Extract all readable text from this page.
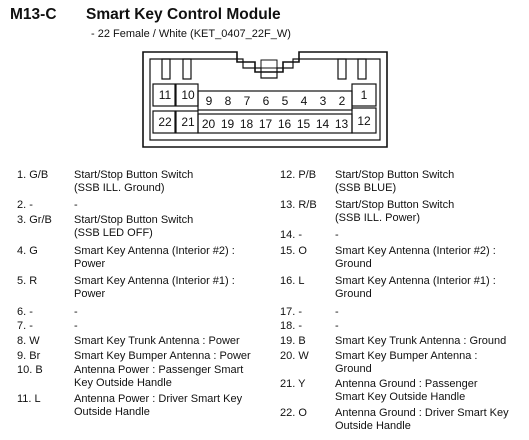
M13-C Smart Key Control Module
- 22 Female / White (KET_0407_22F_W)
11 10 9	8	7	6	5	4	3	2	1
22 21 20 19 18 17 16 15 14 13 12
1. G/B Start/Stop Button Switch
(SSB ILL. Ground)
2. -	-
3. Gr/B Start/Stop Button Switch
(SSB LED OFF)
4. G	Smart Key Antenna (Interior #2) :
Power
5. R	Smart Key Antenna (Interior #1) :
Power
6. -	-
7. -	-
8. W	Smart Key Trunk Antenna : Power
9. Br	Smart Key Bumper Antenna : Power
10. B	Antenna Power : Passenger Smart
Key Outside Handle
11. L	Antenna Power : Driver Smart Key
Outside Handle
12. P/B Start/Stop Button Switch
(SSB BLUE)
13. R/B Start/Stop Button Switch
(SSB ILL. Power)
14. -	-
15. O	Smart Key Antenna (Interior #2) :
Ground
16. L	Smart Key Antenna (Interior #1) :
Ground
17. -	-
18. -	-
19. B	Smart Key Trunk Antenna : Ground
20. W Smart Key Bumper Antenna :
Ground
21. Y	Antenna Ground : Passenger
Smart Key Outside Handle
22. O	Antenna Ground : Driver Smart Key
Outside Handle
